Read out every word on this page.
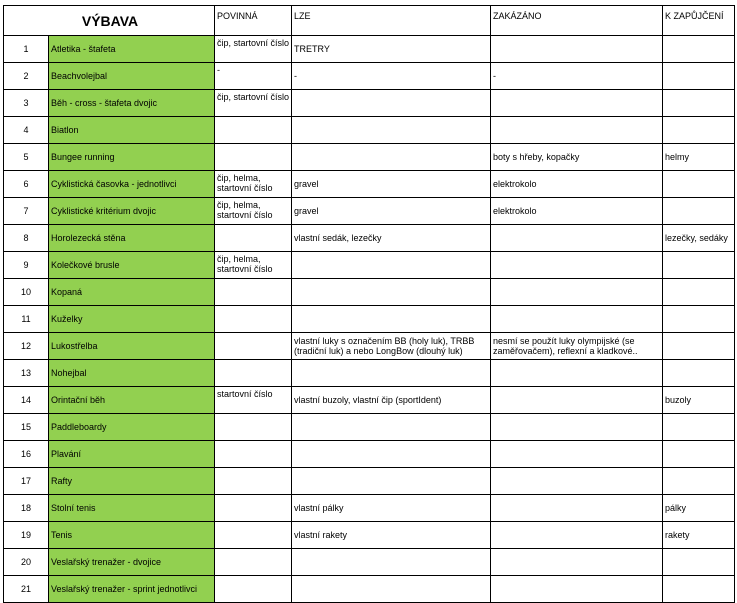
VÝBAVA		POVINNÁ	LZE	ZAKÁZÁNO	K ZAPŮJČENÍ
1	Atletika - štafeta	čip, startovní číslo	TRETRY		
2	Beachvolejbal	-	-	-	
3	Běh - cross - štafeta dvojic	čip, startovní číslo			
4	Biatlon				
5	Bungee running			boty s hřeby, kopačky	helmy
6	Cyklistická časovka - jednotlivci	čip, helma, startovní číslo	gravel	elektrokolo	
7	Cyklistické kritérium dvojic	čip, helma, startovní číslo	gravel	elektrokolo	
8	Horolezecká stěna		vlastní sedák, lezečky		lezečky, sedáky
9	Kolečkové brusle	čip, helma, startovní číslo			
10	Kopaná				
11	Kuželky				
12	Lukostřelba		vlastní luky s označením BB (holy luk), TRBB (tradiční luk) a nebo LongBow (dlouhý luk)	nesmí se použít luky olympijské (se zaměřovačem), reflexní a kladkové..	
13	Nohejbal				
14	Orintační běh	startovní číslo	vlastní buzoly, vlastní čip (sportIdent)		buzoly
15	Paddleboardy				
16	Plavání				
17	Rafty				
18	Stolní tenis		vlastní pálky		pálky
19	Tenis		vlastní rakety		rakety
20	Veslařský trenažer - dvojice				
21	Veslařský trenažer - sprint jednotlivci				
